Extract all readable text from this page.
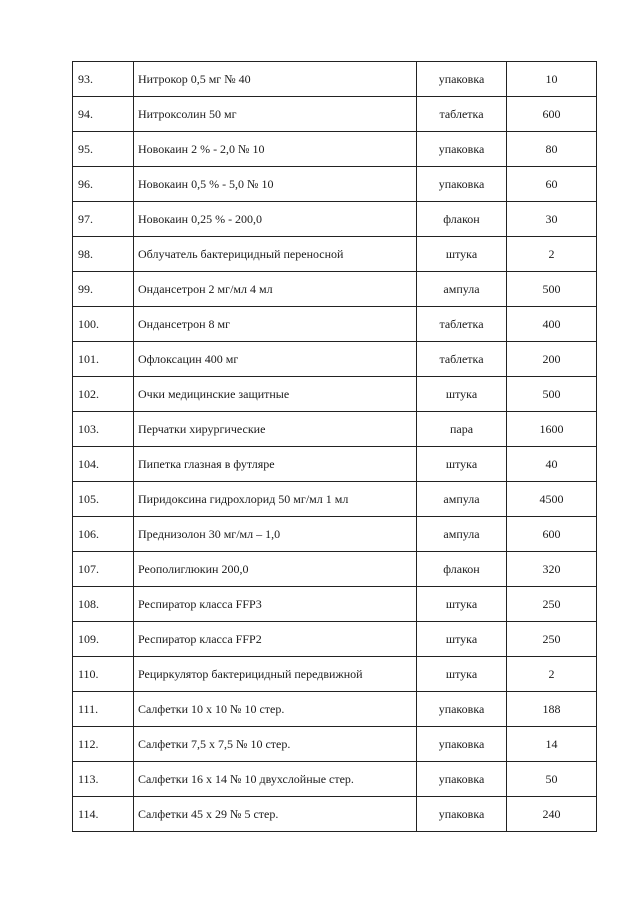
93.	Нитрокор 0,5 мг № 40	упаковка	10
94.	Нитроксолин 50 мг	таблетка	600
95.	Новокаин 2 % - 2,0 № 10	упаковка	80
96.	Новокаин 0,5 % - 5,0 № 10	упаковка	60
97.	Новокаин 0,25 % - 200,0	флакон	30
98.	Облучатель бактерицидный переносной	штука	2
99.	Ондансетрон 2 мг/мл 4 мл	ампула	500
100.	Ондансетрон 8 мг	таблетка	400
101.	Офлоксацин 400 мг	таблетка	200
102.	Очки медицинские защитные	штука	500
103.	Перчатки хирургические	пара	1600
104.	Пипетка глазная в футляре	штука	40
105.	Пиридоксина гидрохлорид 50 мг/мл 1 мл	ампула	4500
106.	Преднизолон 30 мг/мл – 1,0	ампула	600
107.	Реополиглюкин 200,0	флакон	320
108.	Респиратор класса FFP3	штука	250
109.	Респиратор класса FFP2	штука	250
110.	Рециркулятор бактерицидный передвижной	штука	2
111.	Салфетки 10 х 10 № 10 стер.	упаковка	188
112.	Салфетки 7,5 х 7,5 № 10 стер.	упаковка	14
113.	Салфетки 16 х 14 № 10 двухслойные стер.	упаковка	50
114.	Салфетки 45 х 29 № 5 стер.	упаковка	240
